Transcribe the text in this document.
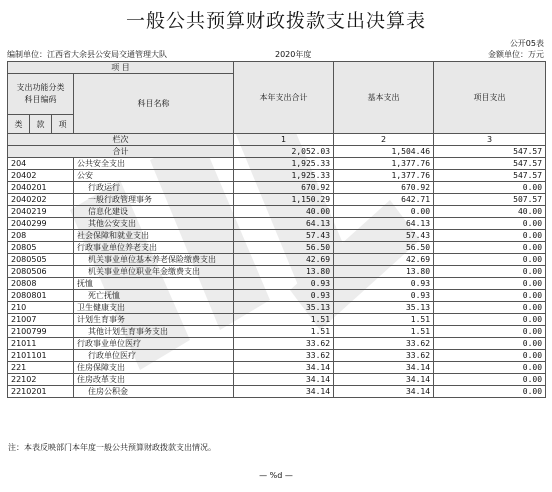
一般公共预算财政拨款支出决算表
公开05表
编制单位：江西省大余县公安局交通管理大队	2020年度	金额单位：万元
项 目				本年支出合计	基本支出	项目支出
支出功能分类
科目编码			科目名称			
类	款	项				
栏次				1	2	3
合计				2,052.03	1,504.46	547.57
204			公共安全支出	1,925.33	1,377.76	547.57
20402			公安	1,925.33	1,377.76	547.57
2040201			行政运行	670.92	670.92	0.00
2040202			一般行政管理事务	1,150.29	642.71	507.57
2040219			信息化建设	40.00	0.00	40.00
2040299			其他公安支出	64.13	64.13	0.00
208			社会保障和就业支出	57.43	57.43	0.00
20805			行政事业单位养老支出	56.50	56.50	0.00
2080505			机关事业单位基本养老保险缴费支出	42.69	42.69	0.00
2080506			机关事业单位职业年金缴费支出	13.80	13.80	0.00
20808			抚恤	0.93	0.93	0.00
2080801			死亡抚恤	0.93	0.93	0.00
210			卫生健康支出	35.13	35.13	0.00
21007			计划生育事务	1.51	1.51	0.00
2100799			其他计划生育事务支出	1.51	1.51	0.00
21011			行政事业单位医疗	33.62	33.62	0.00
2101101			行政单位医疗	33.62	33.62	0.00
221			住房保障支出	34.14	34.14	0.00
22102			住房改革支出	34.14	34.14	0.00
2210201			住房公积金	34.14	34.14	0.00
注：本表反映部门本年度一般公共预算财政拨款支出情况。
— %d —
